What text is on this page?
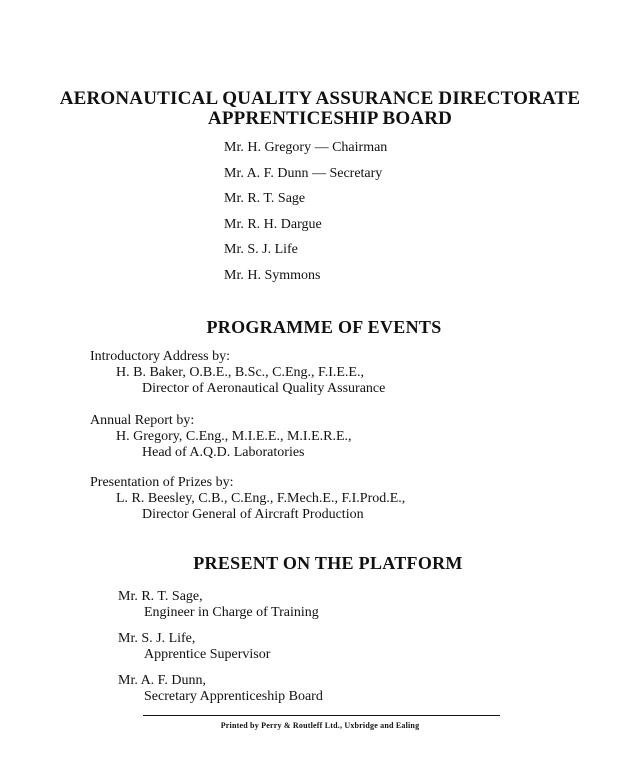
AERONAUTICAL QUALITY ASSURANCE DIRECTORATE
APPRENTICESHIP BOARD
Mr. H. Gregory — Chairman
Mr. A. F. Dunn — Secretary
Mr. R. T. Sage
Mr. R. H. Dargue
Mr. S. J. Life
Mr. H. Symmons
PROGRAMME OF EVENTS
Introductory Address by:
H. B. Baker, O.B.E., B.Sc., C.Eng., F.I.E.E.,
Director of Aeronautical Quality Assurance
Annual Report by:
H. Gregory, C.Eng., M.I.E.E., M.I.E.R.E.,
Head of A.Q.D. Laboratories
Presentation of Prizes by:
L. R. Beesley, C.B., C.Eng., F.Mech.E., F.I.Prod.E.,
Director General of Aircraft Production
PRESENT ON THE PLATFORM
Mr. R. T. Sage,
Engineer in Charge of Training
Mr. S. J. Life,
Apprentice Supervisor
Mr. A. F. Dunn,
Secretary Apprenticeship Board
Printed by Perry & Routleff Ltd., Uxbridge and Ealing
